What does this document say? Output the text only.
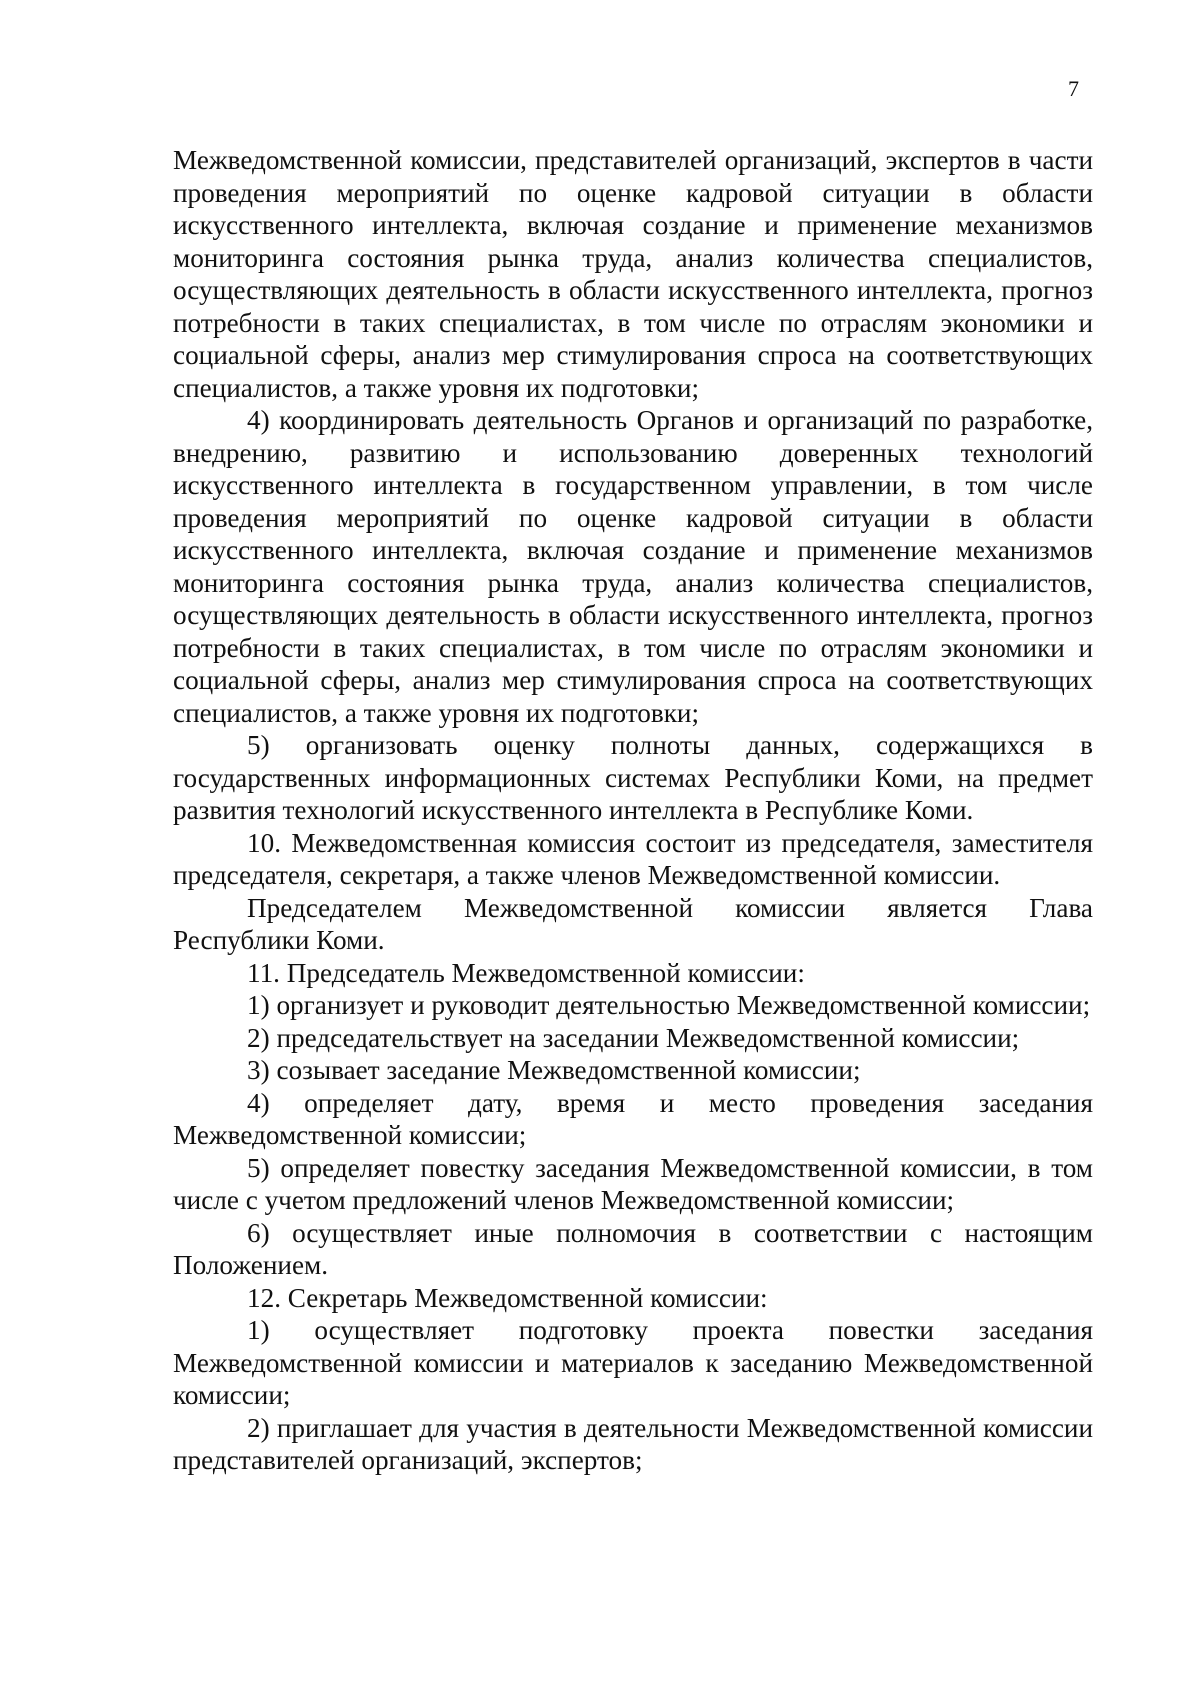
7

Межведомственной комиссии, представителей организаций, экспертов в части проведения мероприятий по оценке кадровой ситуации в области искусственного интеллекта, включая создание и применение механизмов мониторинга состояния рынка труда, анализ количества специалистов, осуществляющих деятельность в области искусственного интеллекта, прогноз потребности в таких специалистах, в том числе по отраслям экономики и социальной сферы, анализ мер стимулирования спроса на соответствующих специалистов, а также уровня их подготовки;

4) координировать деятельность Органов и организаций по разработке, внедрению, развитию и использованию доверенных технологий искусственного интеллекта в государственном управлении, в том числе проведения мероприятий по оценке кадровой ситуации в области искусственного интеллекта, включая создание и применение механизмов мониторинга состояния рынка труда, анализ количества специалистов, осуществляющих деятельность в области искусственного интеллекта, прогноз потребности в таких специалистах, в том числе по отраслям экономики и социальной сферы, анализ мер стимулирования спроса на соответствующих специалистов, а также уровня их подготовки;

5) организовать оценку полноты данных, содержащихся в государственных информационных системах Республики Коми, на предмет развития технологий искусственного интеллекта в Республике Коми.

10. Межведомственная комиссия состоит из председателя, заместителя председателя, секретаря, а также членов Межведомственной комиссии.

Председателем Межведомственной комиссии является Глава Республики Коми.

11. Председатель Межведомственной комиссии:

1) организует и руководит деятельностью Межведомственной комиссии;

2) председательствует на заседании Межведомственной комиссии;

3) созывает заседание Межведомственной комиссии;

4) определяет дату, время и место проведения заседания Межведомственной комиссии;

5) определяет повестку заседания Межведомственной комиссии, в том числе с учетом предложений членов Межведомственной комиссии;

6) осуществляет иные полномочия в соответствии с настоящим Положением.

12. Секретарь Межведомственной комиссии:

1) осуществляет подготовку проекта повестки заседания Межведомственной комиссии и материалов к заседанию Межведомственной комиссии;

2) приглашает для участия в деятельности Межведомственной комиссии представителей организаций, экспертов;
